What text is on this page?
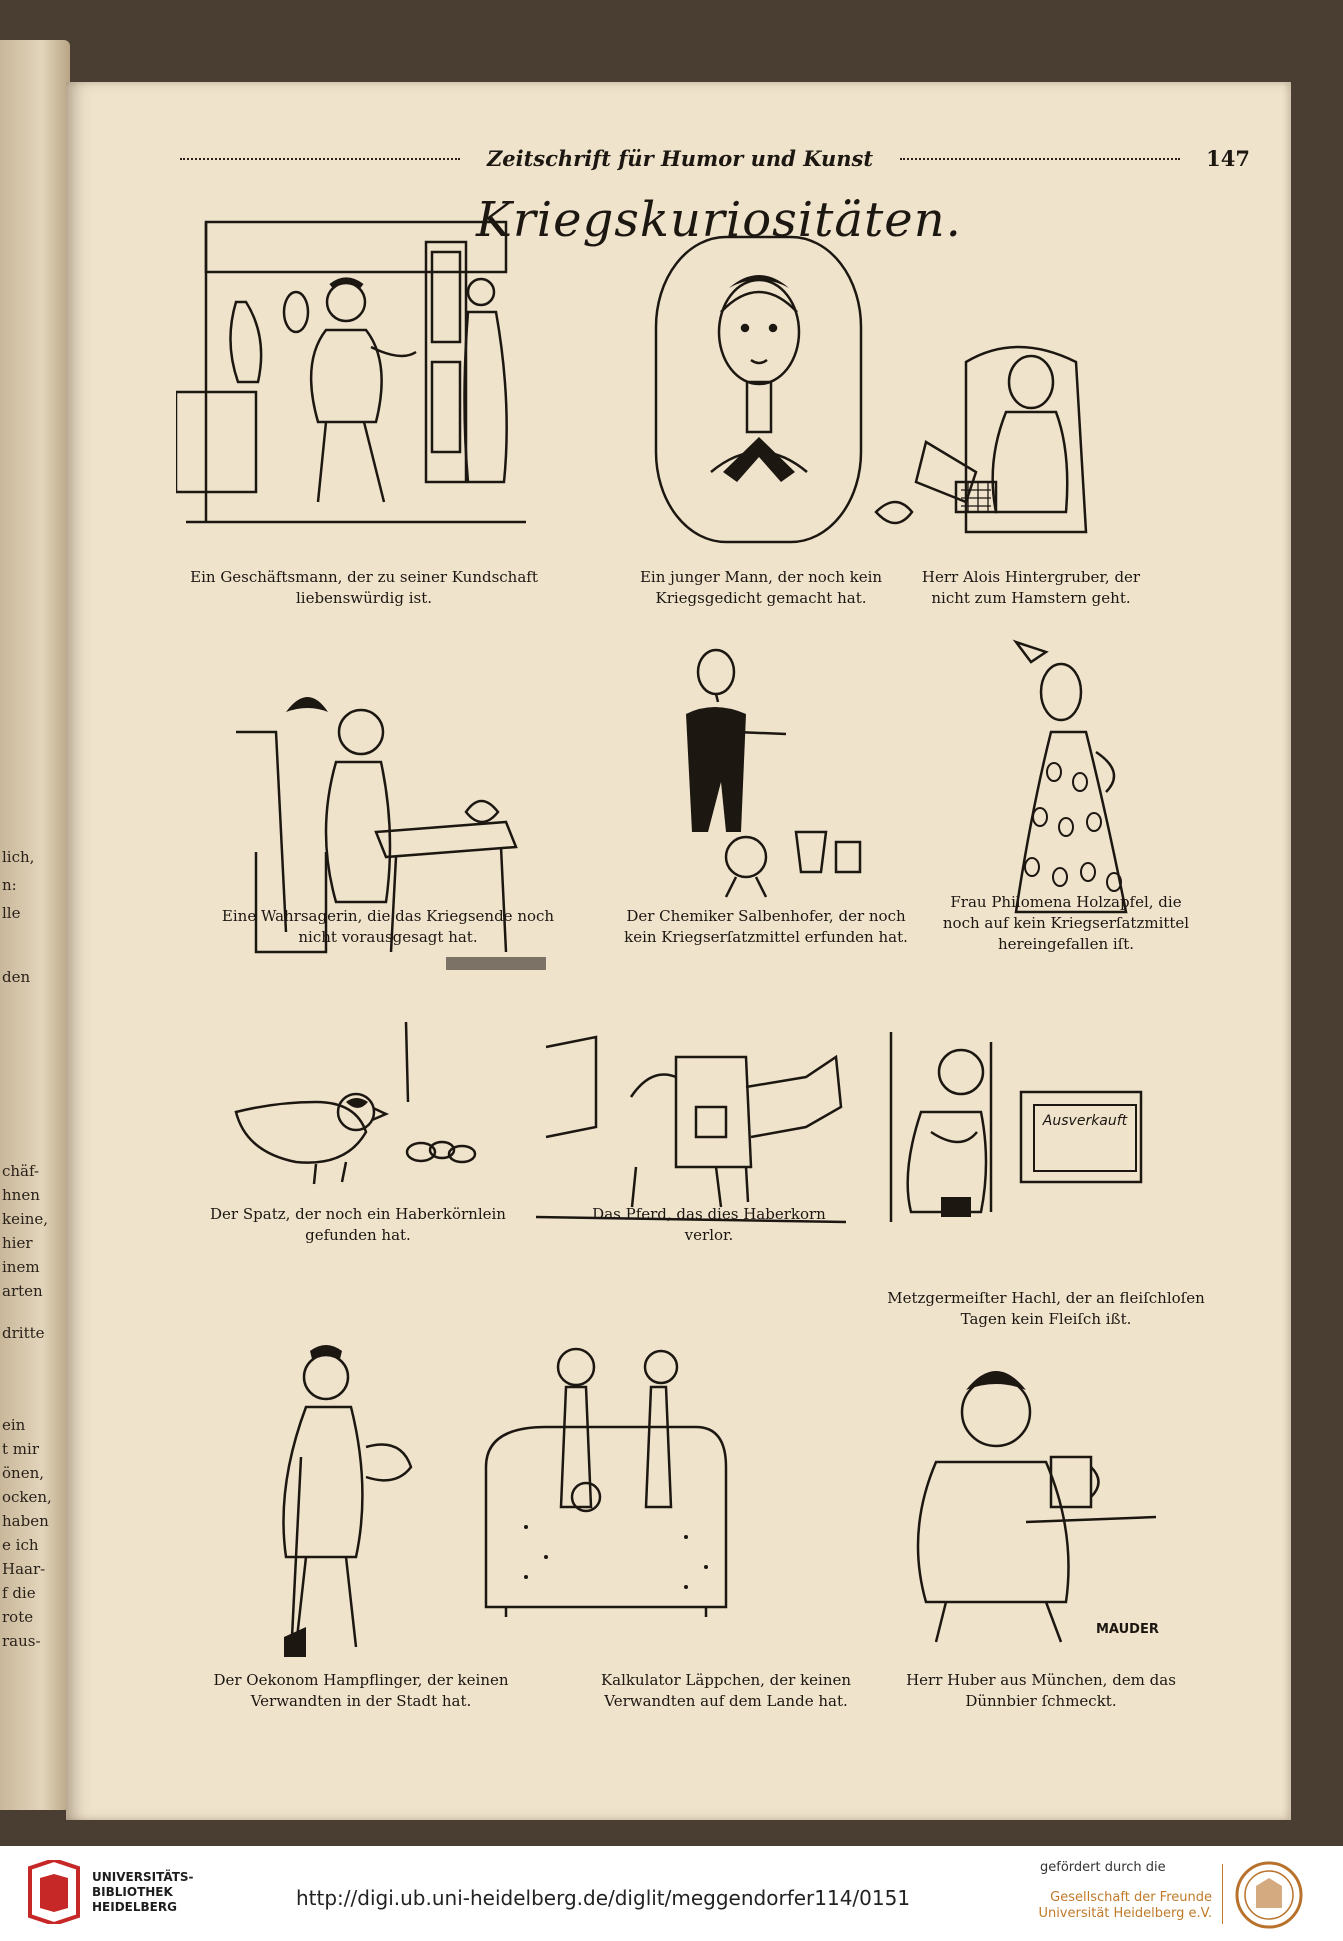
lich,
n:
lle
den
chäf-
hnen
keine,
hier
inem
arten
dritte
ein
t mir
önen,
ocken,
haben
e ich
Haar-
f die
rote
raus-
Zeitschrift für Humor und Kunst	147
Kriegskuriositäten.
Ein Geschäftsmann, der zu seiner Kundschaft
liebenswürdig ist.
Ein junger Mann, der noch kein
Kriegsgedicht gemacht hat.
Herr Alois Hintergruber, der
nicht zum Hamstern geht.
Eine Wahrsagerin, die das Kriegsende noch
nicht vorausgesagt hat.
Der Chemiker Salbenhofer, der noch
kein Kriegserſatzmittel erfunden hat.
Frau Philomena Holzapfel, die
noch auf kein Kriegserſatzmittel
hereingefallen iſt.
Der Spatz, der noch ein Haberkörnlein
gefunden hat.
Das Pferd, das dies Haberkorn
verlor.
Ausverkauft
Metzgermeiſter Hachl, der an fleiſchloſen
Tagen kein Fleiſch ißt.
Der Oekonom Hampflinger, der keinen
Verwandten in der Stadt hat.
Kalkulator Läppchen, der keinen
Verwandten auf dem Lande hat.
MAUDER
Herr Huber aus München, dem das
Dünnbier ſchmeckt.
UNIVERSITÄTS-
BIBLIOTHEK
HEIDELBERG	http://digi.ub.uni-heidelberg.de/diglit/meggendorfer114/0151
gefördert durch die
Gesellschaft der Freunde
Universität Heidelberg e.V.
